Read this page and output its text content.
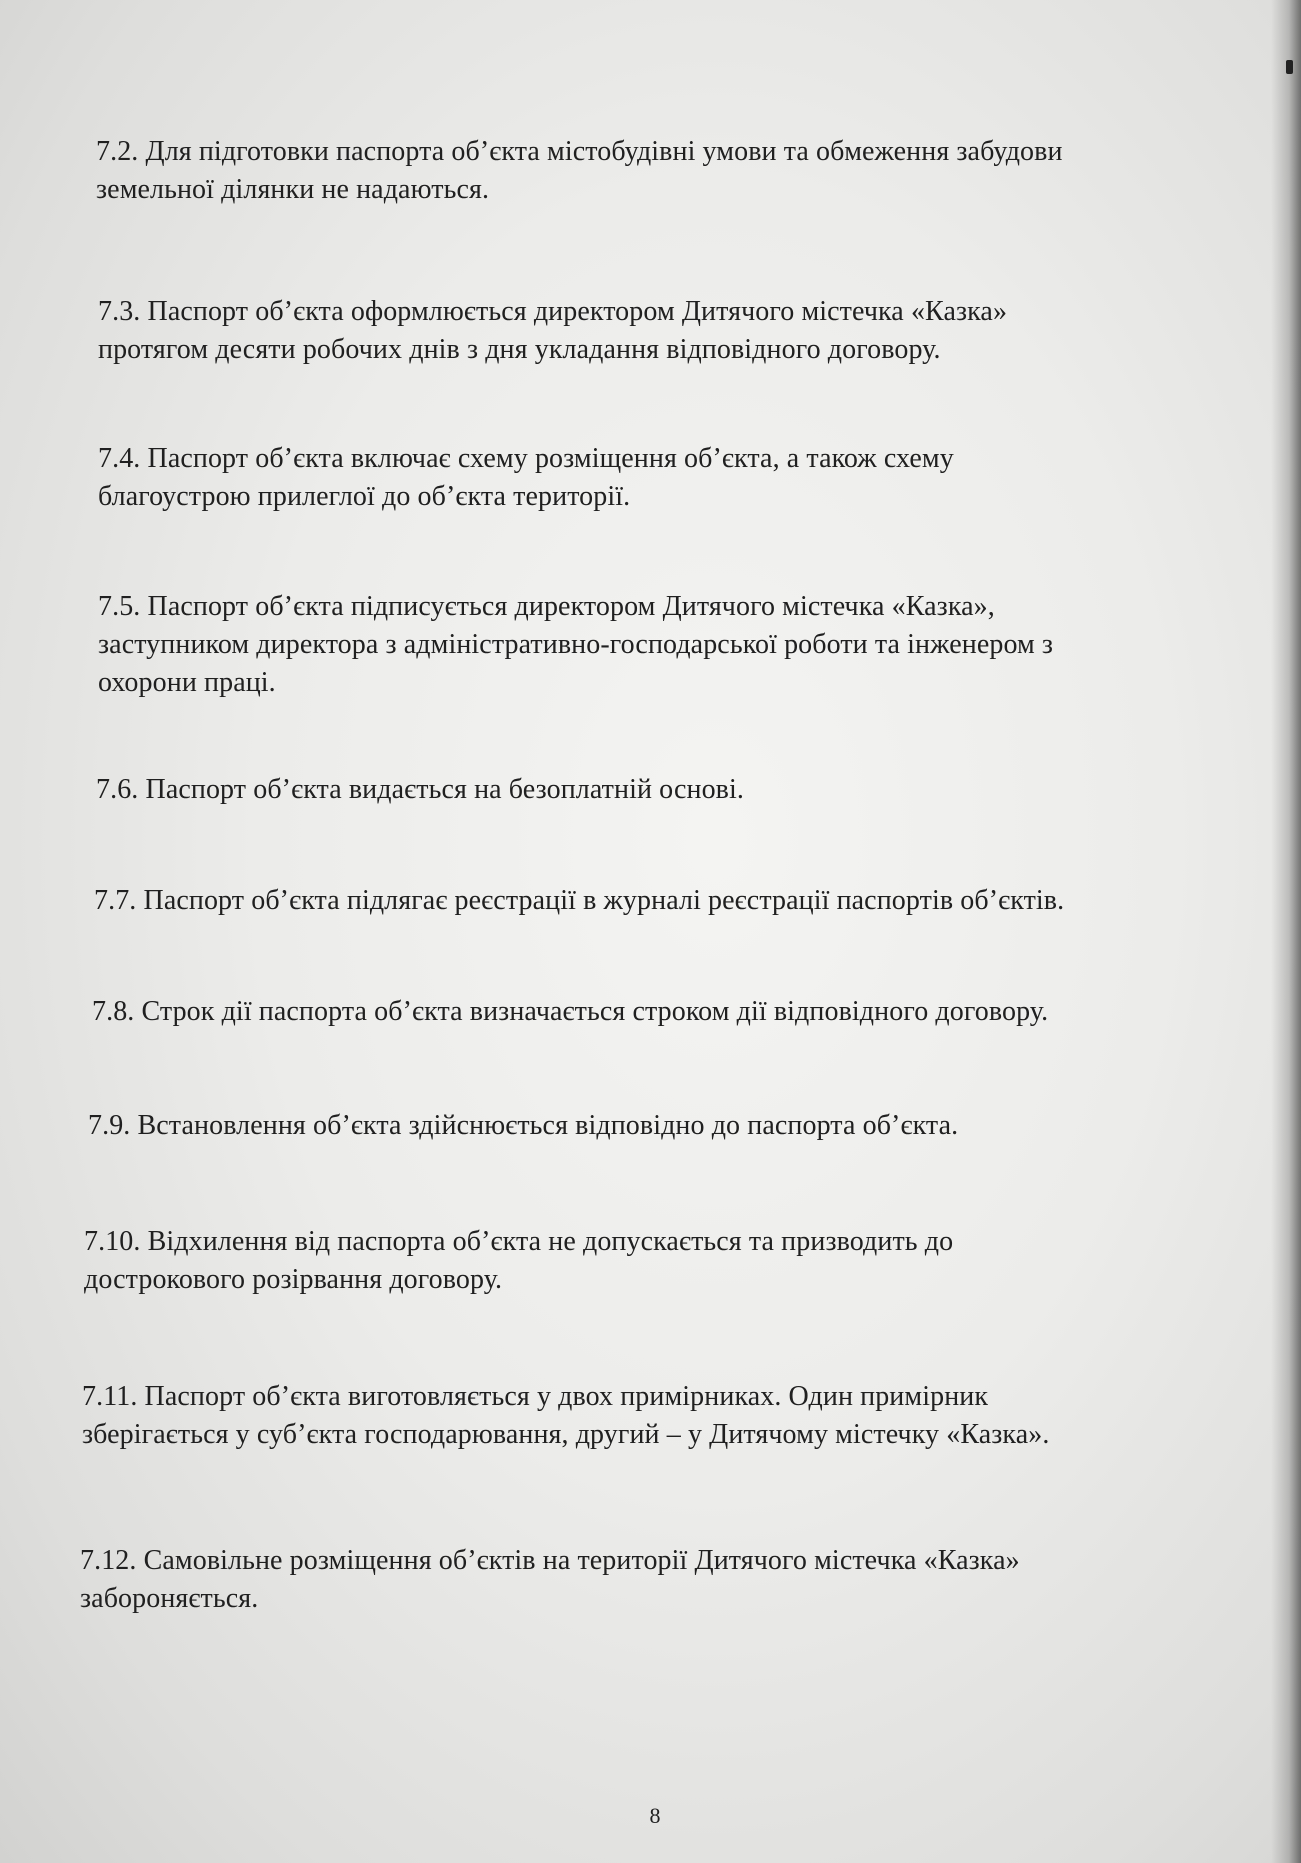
7.2. Для підготовки паспорта об’єкта містобудівні умови та обмеження забудови
земельної ділянки не надаються.

7.3. Паспорт об’єкта оформлюється директором Дитячого містечка «Казка»
протягом десяти робочих днів з дня укладання відповідного договору.

7.4. Паспорт об’єкта включає схему розміщення об’єкта, а також схему
благоустрою прилеглої до об’єкта території.

7.5. Паспорт об’єкта підписується директором Дитячого містечка «Казка»,
заступником директора з адміністративно-господарської роботи та інженером з
охорони праці.

7.6. Паспорт об’єкта видається на безоплатній основі.

7.7. Паспорт об’єкта підлягає реєстрації в журналі реєстрації паспортів об’єктів.

7.8. Строк дії паспорта об’єкта визначається строком дії відповідного договору.

7.9. Встановлення об’єкта здійснюється відповідно до паспорта об’єкта.

7.10. Відхилення від паспорта об’єкта не допускається та призводить до
дострокового розірвання договору.

7.11. Паспорт об’єкта виготовляється у двох примірниках. Один примірник
зберігається у суб’єкта господарювання, другий – у Дитячому містечку «Казка».

7.12. Самовільне розміщення об’єктів на території Дитячого містечка «Казка»
забороняється.

8
